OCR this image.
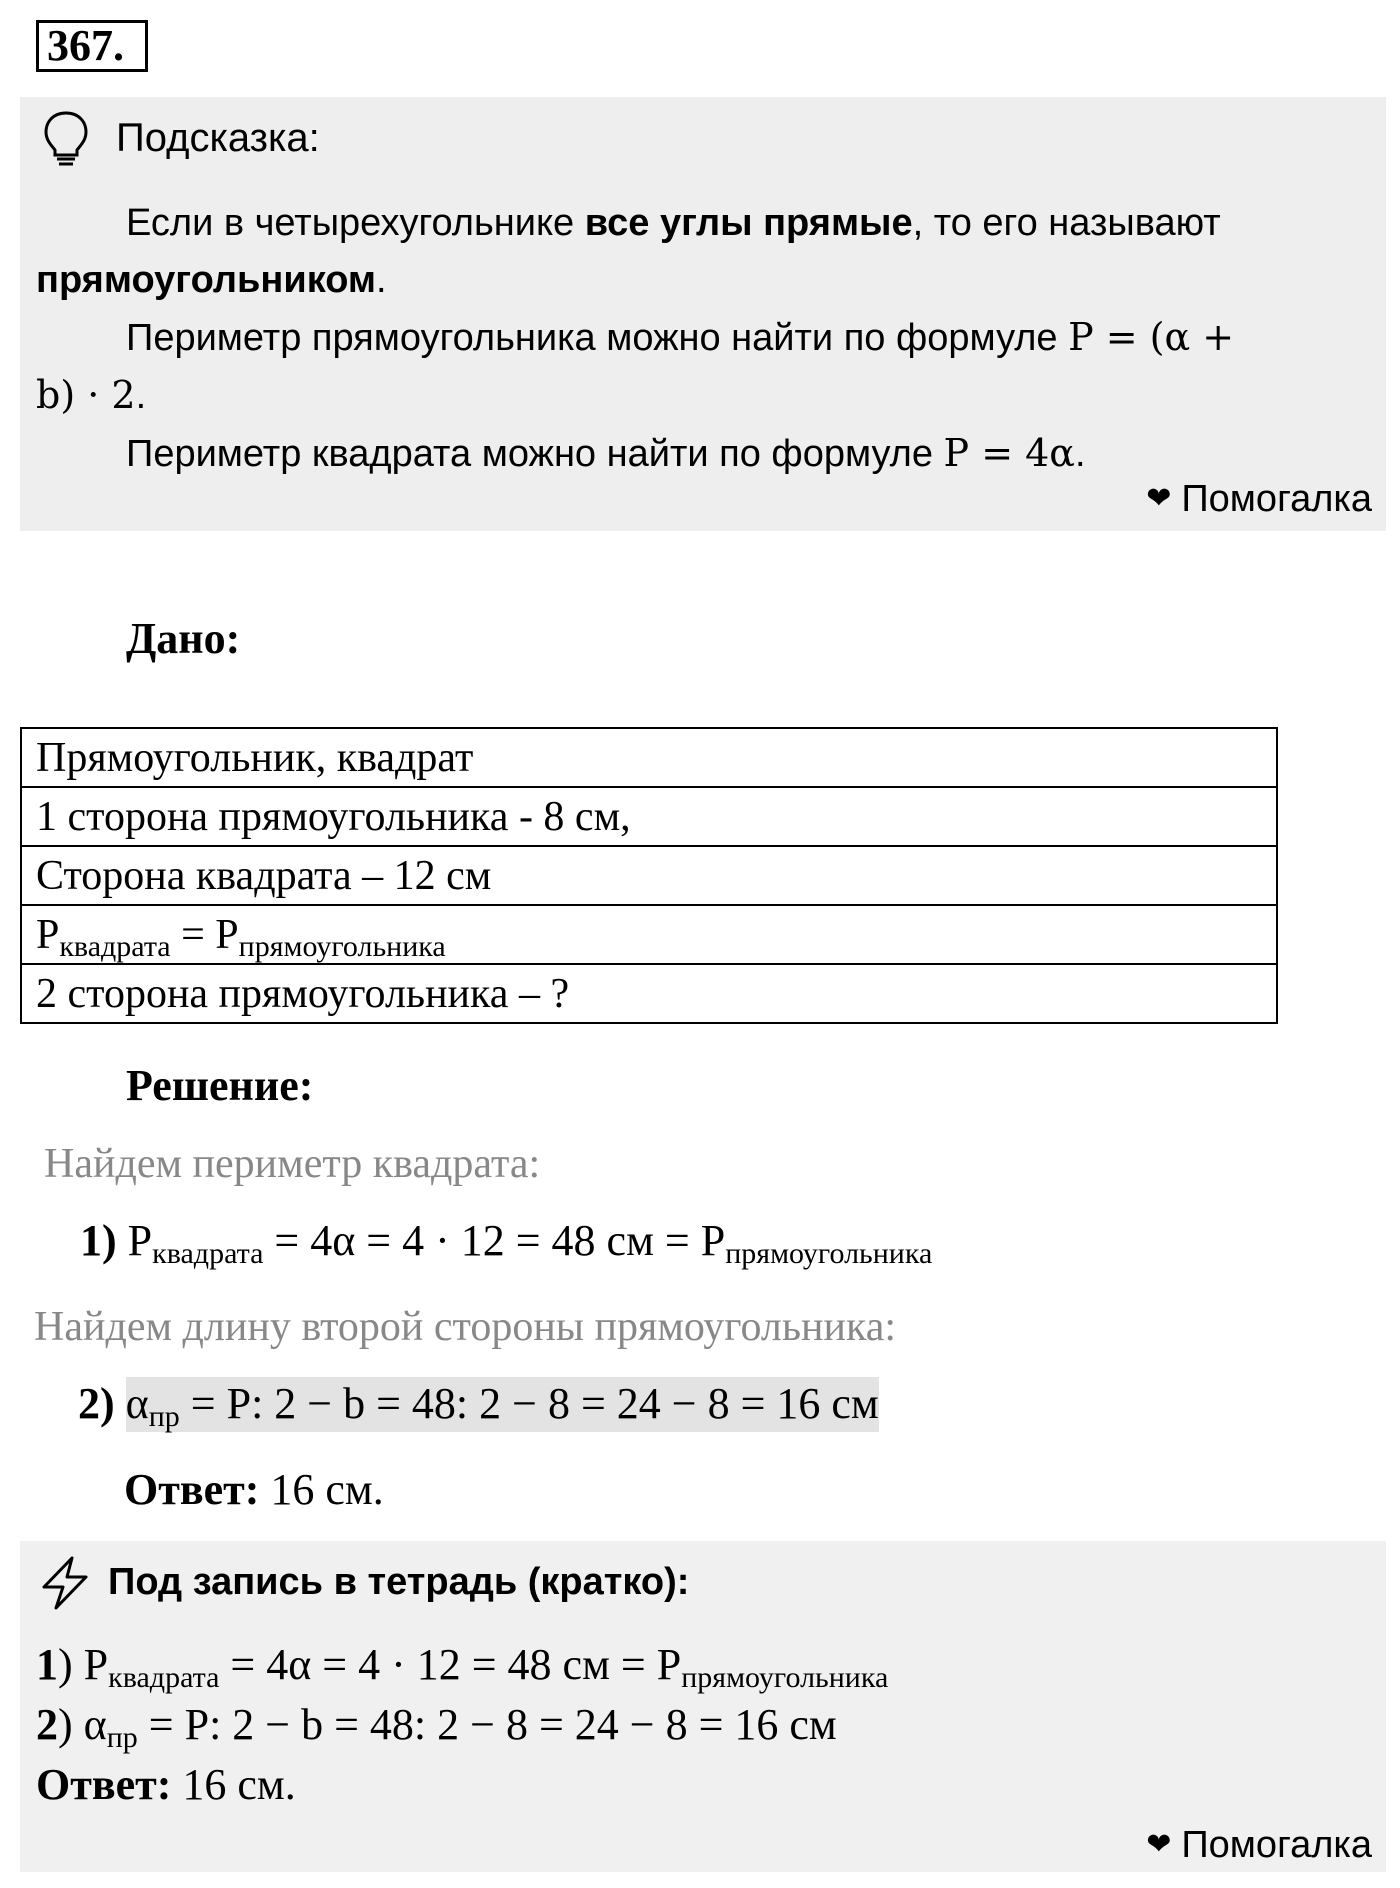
367.
Подсказка:
Если в четырехугольнике все углы прямые, то его называют
прямоугольником.
Периметр прямоугольника можно найти по формуле P = (α +
b) · 2.
Периметр квадрата можно найти по формуле P = 4α.
❤ Помогалка
Дано:
Прямоугольник, квадрат
1 сторона прямоугольника - 8 см,
Сторона квадрата – 12 см
$P_{квадрата} = P_{прямоугольника}$
2 сторона прямоугольника – ?
Решение:
Найдем периметр квадрата:
1) $P_{квадрата} = 4\alpha = 4 \cdot 12 = 48$ см = $P_{прямоугольника}$
Найдем длину второй стороны прямоугольника:
2) $\alpha_{пр} = P$: 2 − b = 48: 2 − 8 = 24 − 8 = 16 см
Ответ: 16 см.
Под запись в тетрадь (кратко):
1) $P_{квадрата} = 4\alpha = 4 \cdot 12 = 48$ см = $P_{прямоугольника}$
2) $\alpha_{пр} = P$: 2 − b = 48: 2 − 8 = 24 − 8 = 16 см
Ответ: 16 см.
❤ Помогалка
